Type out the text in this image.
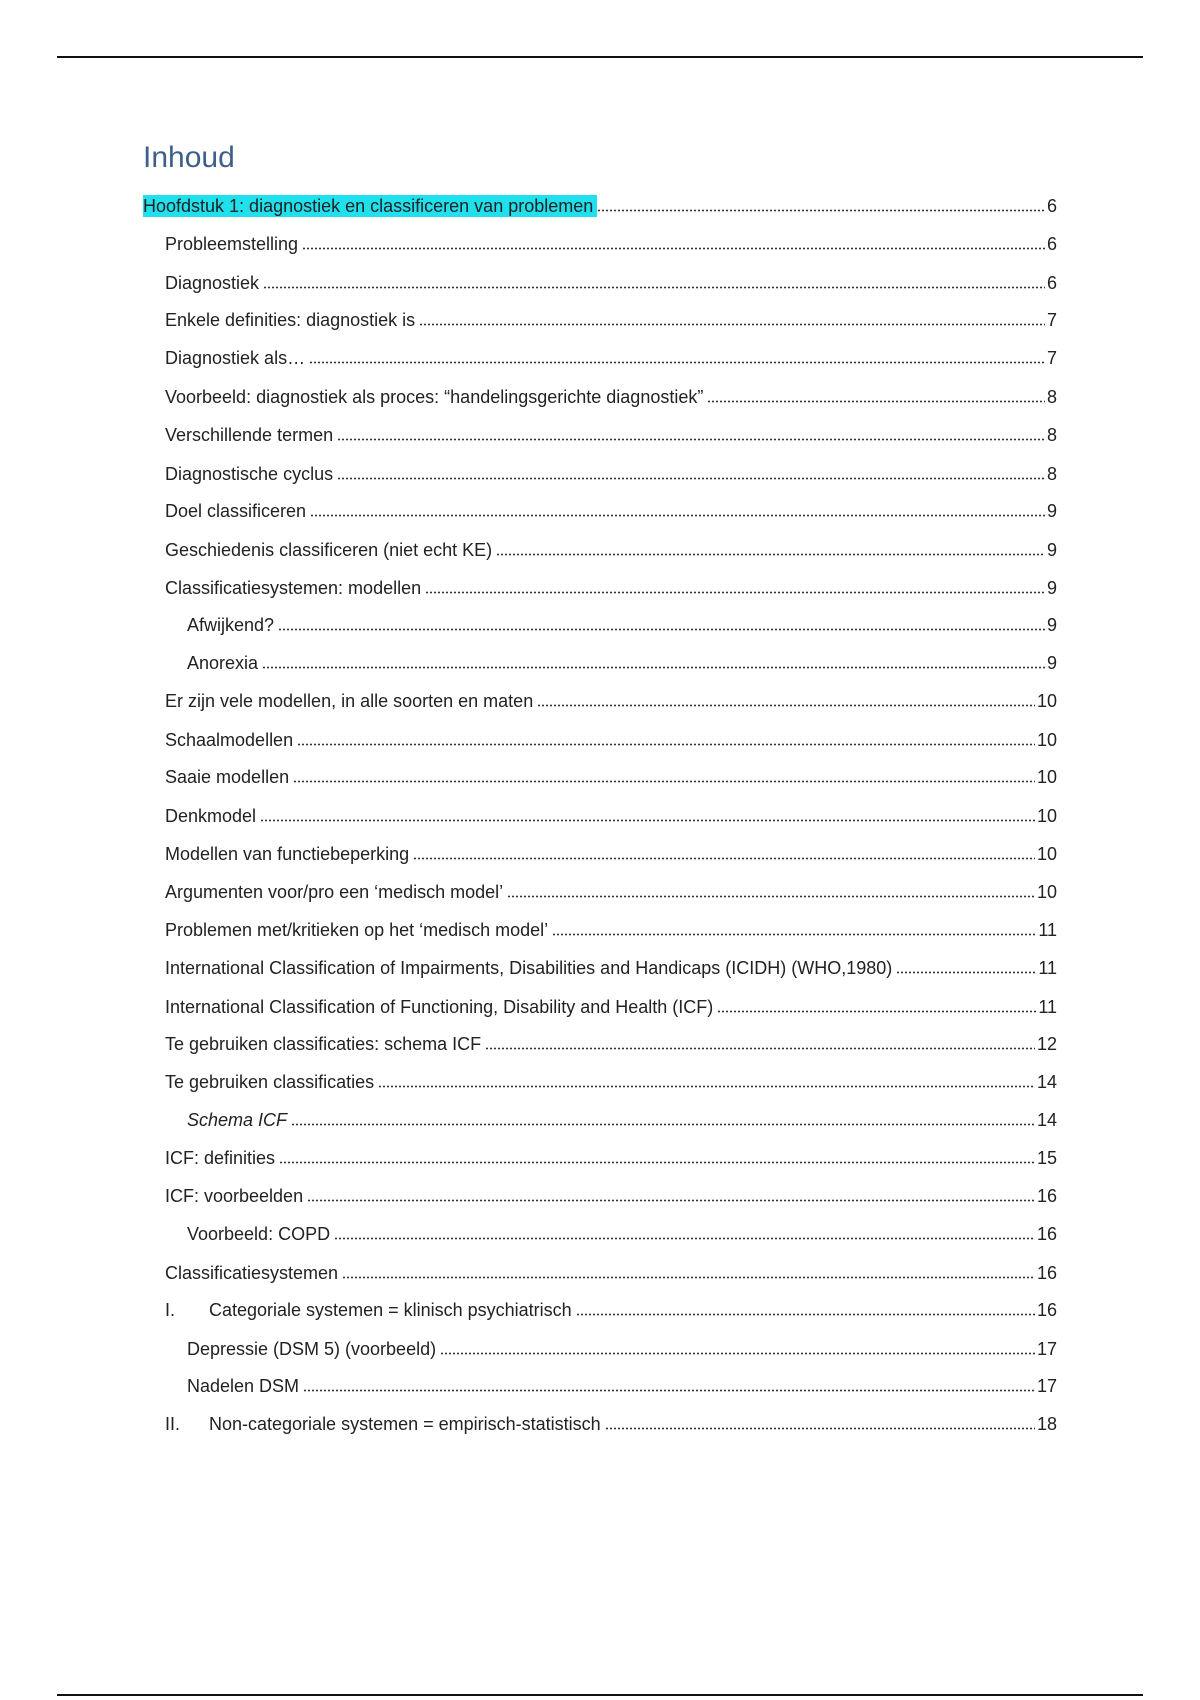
Inhoud
Hoofdstuk 1: diagnostiek en classificeren van problemen	6
Probleemstelling	6
Diagnostiek	6
Enkele definities: diagnostiek is	7
Diagnostiek als…	7
Voorbeeld: diagnostiek als proces: “handelingsgerichte diagnostiek”	8
Verschillende termen	8
Diagnostische cyclus	8
Doel classificeren	9
Geschiedenis classificeren (niet echt KE)	9
Classificatiesystemen: modellen	9
Afwijkend?	9
Anorexia	9
Er zijn vele modellen, in alle soorten en maten	10
Schaalmodellen	10
Saaie modellen	10
Denkmodel	10
Modellen van functiebeperking	10
Argumenten voor/pro een ‘medisch model’	10
Problemen met/kritieken op het ‘medisch model’	11
International Classification of Impairments, Disabilities and Handicaps (ICIDH) (WHO,1980)	11
International Classification of Functioning, Disability and Health (ICF)	11
Te gebruiken classificaties: schema ICF	12
Te gebruiken classificaties	14
Schema ICF	14
ICF: definities	15
ICF: voorbeelden	16
Voorbeeld: COPD	16
Classificatiesystemen	16
I. Categoriale systemen = klinisch psychiatrisch	16
Depressie (DSM 5) (voorbeeld)	17
Nadelen DSM	17
II. Non-categoriale systemen = empirisch-statistisch	18
